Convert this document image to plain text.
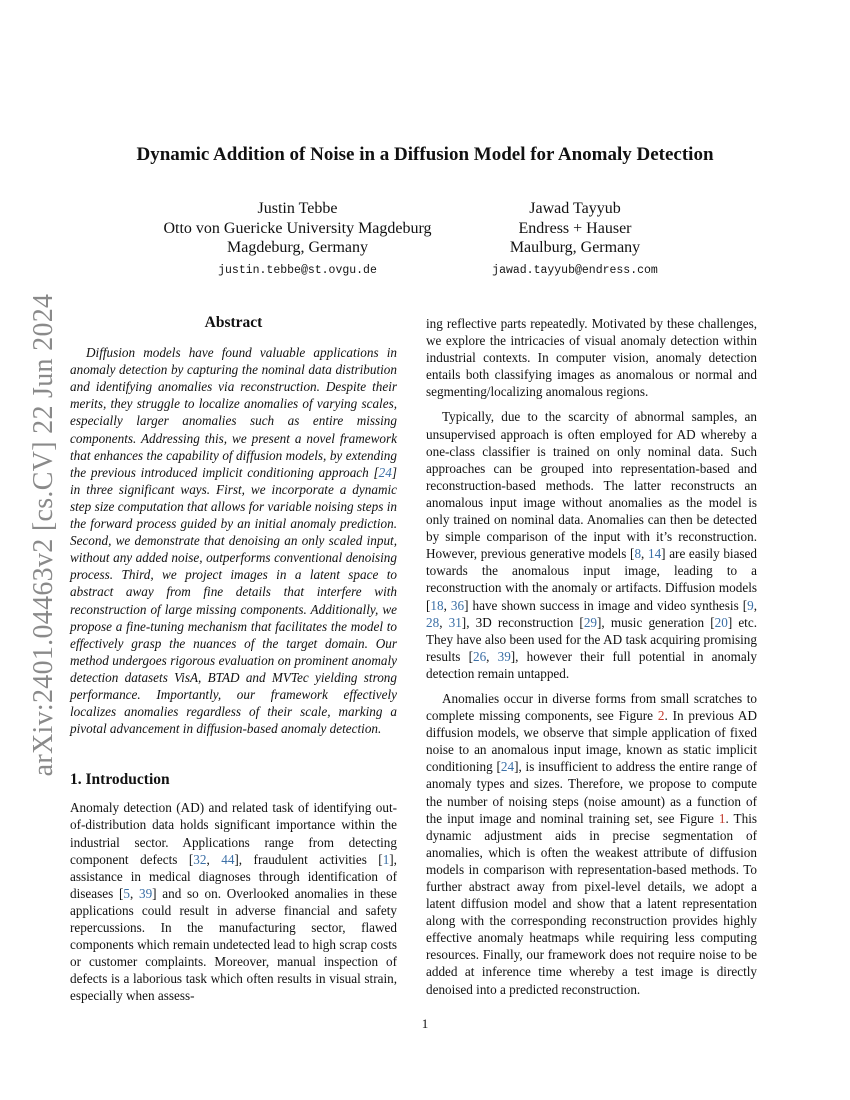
arXiv:2401.04463v2 [cs.CV] 22 Jun 2024
Dynamic Addition of Noise in a Diffusion Model for Anomaly Detection
Justin Tebbe
Otto von Guericke University Magdeburg
Magdeburg, Germany
justin.tebbe@st.ovgu.de
Jawad Tayyub
Endress + Hauser
Maulburg, Germany
jawad.tayyub@endress.com
Abstract

Diffusion models have found valuable applications in anomaly detection by capturing the nominal data distribution and identifying anomalies via reconstruction. Despite their merits, they struggle to localize anomalies of varying scales, especially larger anomalies such as entire missing components. Addressing this, we present a novel framework that enhances the capability of diffusion models, by extending the previous introduced implicit conditioning approach [24] in three significant ways. First, we incorporate a dynamic step size computation that allows for variable noising steps in the forward process guided by an initial anomaly prediction. Second, we demonstrate that denoising an only scaled input, without any added noise, outperforms conventional denoising process. Third, we project images in a latent space to abstract away from fine details that interfere with reconstruction of large missing components. Additionally, we propose a fine-tuning mechanism that facilitates the model to effectively grasp the nuances of the target domain. Our method undergoes rigorous evaluation on prominent anomaly detection datasets VisA, BTAD and MVTec yielding strong performance. Importantly, our framework effectively localizes anomalies regardless of their scale, marking a pivotal advancement in diffusion-based anomaly detection.

1. Introduction

Anomaly detection (AD) and related task of identifying out-of-distribution data holds significant importance within the industrial sector. Applications range from detecting component defects [32, 44], fraudulent activities [1], assistance in medical diagnoses through identification of diseases [5, 39] and so on. Overlooked anomalies in these applications could result in adverse financial and safety repercussions. In the manufacturing sector, flawed components which remain undetected lead to high scrap costs or customer complaints. Moreover, manual inspection of defects is a laborious task which often results in visual strain, especially when assess-

ing reflective parts repeatedly. Motivated by these challenges, we explore the intricacies of visual anomaly detection within industrial contexts. In computer vision, anomaly detection entails both classifying images as anomalous or normal and segmenting/localizing anomalous regions.

Typically, due to the scarcity of abnormal samples, an unsupervised approach is often employed for AD whereby a one-class classifier is trained on only nominal data. Such approaches can be grouped into representation-based and reconstruction-based methods. The latter reconstructs an anomalous input image without anomalies as the model is only trained on nominal data. Anomalies can then be detected by simple comparison of the input with it’s reconstruction. However, previous generative models [8, 14] are easily biased towards the anomalous input image, leading to a reconstruction with the anomaly or artifacts. Diffusion models [18, 36] have shown success in image and video synthesis [9, 28, 31], 3D reconstruction [29], music generation [20] etc. They have also been used for the AD task acquiring promising results [26, 39], however their full potential in anomaly detection remain untapped.

Anomalies occur in diverse forms from small scratches to complete missing components, see Figure 2. In previous AD diffusion models, we observe that simple application of fixed noise to an anomalous input image, known as static implicit conditioning [24], is insufficient to address the entire range of anomaly types and sizes. Therefore, we propose to compute the number of noising steps (noise amount) as a function of the input image and nominal training set, see Figure 1. This dynamic adjustment aids in precise segmentation of anomalies, which is often the weakest attribute of diffusion models in comparison with representation-based methods. To further abstract away from pixel-level details, we adopt a latent diffusion model and show that a latent representation along with the corresponding reconstruction provides highly effective anomaly heatmaps while requiring less computing resources. Finally, our framework does not require noise to be added at inference time whereby a test image is directly denoised into a predicted reconstruction.

1
